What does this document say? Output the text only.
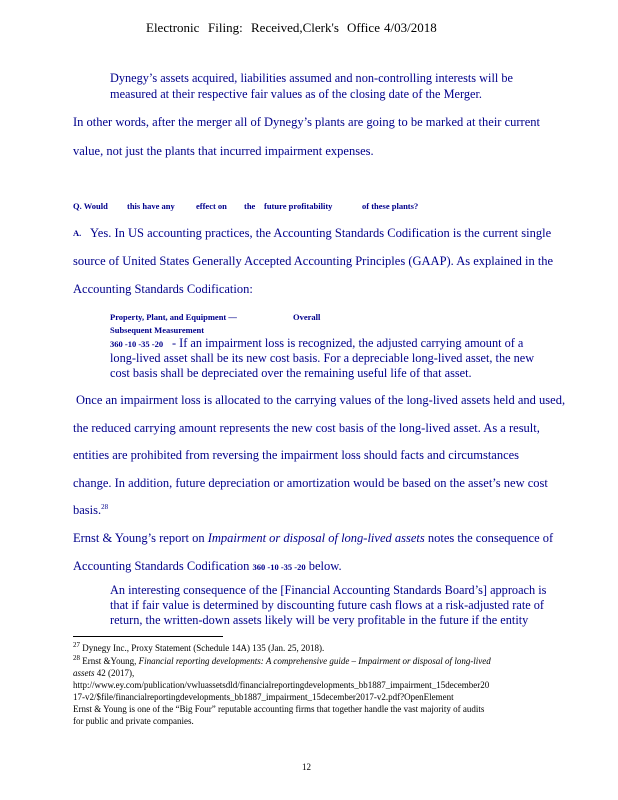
Electronic Filing: Received,Clerk's Office 4/03/2018
Dynegy’s assets acquired, liabilities assumed and non-controlling interests will be
measured at their respective fair values as of the closing date of the Merger.
In other words, after the merger all of Dynegy’s plants are going to be marked at their current
value, not just the plants that incurred impairment expenses.
Q. Would this have any	effect on the future profitability	of these plants?
A. Yes. In US accounting practices, the Accounting Standards Codification is the current single
source of United States Generally Accepted Accounting Principles (GAAP). As explained in the
Accounting Standards Codification:
Property, Plant, and Equipment —	Overall
Subsequent Measurement
360 -10 -35 -20 - If an impairment loss is recognized, the adjusted carrying amount of a
long-lived asset shall be its new cost basis. For a depreciable long-lived asset, the new
cost basis shall be depreciated over the remaining useful life of that asset.
Once an impairment loss is allocated to the carrying values of the long-lived assets held and used,
the reduced carrying amount represents the new cost basis of the long-lived asset. As a result,
entities are prohibited from reversing the impairment loss should facts and circumstances
change. In addition, future depreciation or amortization would be based on the asset’s new cost
basis.$^{28}$
Ernst & Young’s report on Impairment or disposal of long-lived assets notes the consequence of
Accounting Standards Codification 360 -10 -35 -20 below.
An interesting consequence of the [Financial Accounting Standards Board’s] approach is
that if fair value is determined by discounting future cash flows at a risk-adjusted rate of
return, the written-down assets likely will be very profitable in the future if the entity
$^{27}$ Dynegy Inc., Proxy Statement (Schedule 14A) 135 (Jan. 25, 2018).
$^{28}$ Ernst &Young, Financial reporting developments: A comprehensive guide – Impairment or disposal of long-lived
assets 42 (2017),
http://www.ey.com/publication/vwluassetsdld/financialreportingdevelopments_bb1887_impairment_15december20
17-v2/$file/financialreportingdevelopments_bb1887_impairment_15december2017-v2.pdf?OpenElement
Ernst & Young is one of the “Big Four” reputable accounting firms that together handle the vast majority of audits
for public and private companies.
12
